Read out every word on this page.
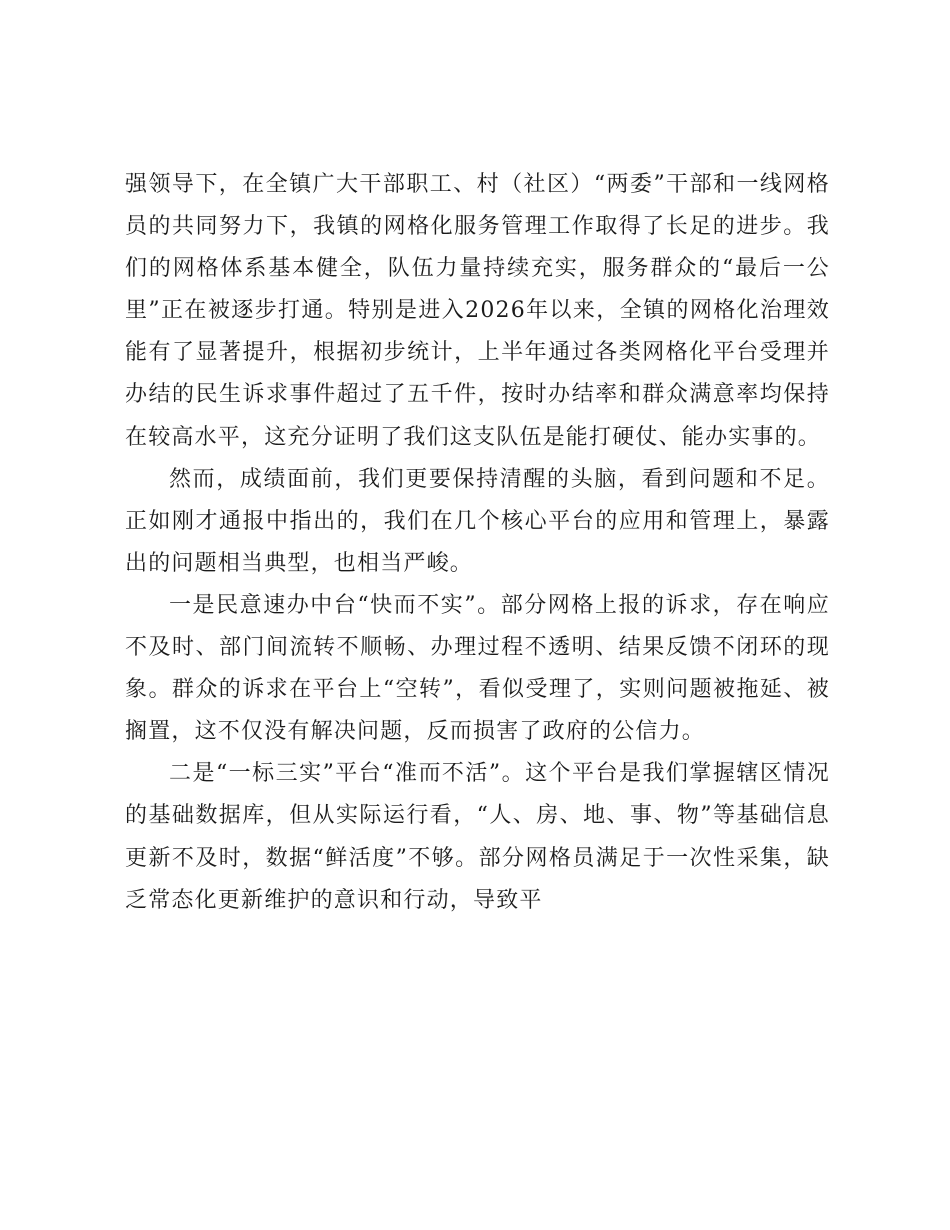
强领导下，在全镇广大干部职工、村（社区）“两委”干部和一线网格员的共同努力下，我镇的网格化服务管理工作取得了长足的进步。我们的网格体系基本健全，队伍力量持续充实，服务群众的“最后一公里”正在被逐步打通。特别是进入2026年以来，全镇的网格化治理效能有了显著提升，根据初步统计，上半年通过各类网格化平台受理并办结的民生诉求事件超过了五千件，按时办结率和群众满意率均保持在较高水平，这充分证明了我们这支队伍是能打硬仗、能办实事的。

然而，成绩面前，我们更要保持清醒的头脑，看到问题和不足。正如刚才通报中指出的，我们在几个核心平台的应用和管理上，暴露出的问题相当典型，也相当严峻。

一是民意速办中台“快而不实”。部分网格上报的诉求，存在响应不及时、部门间流转不顺畅、办理过程不透明、结果反馈不闭环的现象。群众的诉求在平台上“空转”，看似受理了，实则问题被拖延、被搁置，这不仅没有解决问题，反而损害了政府的公信力。

二是“一标三实”平台“准而不活”。这个平台是我们掌握辖区情况的基础数据库，但从实际运行看，“人、房、地、事、物”等基础信息更新不及时，数据“鲜活度”不够。部分网格员满足于一次性采集，缺乏常态化更新维护的意识和行动，导致平
